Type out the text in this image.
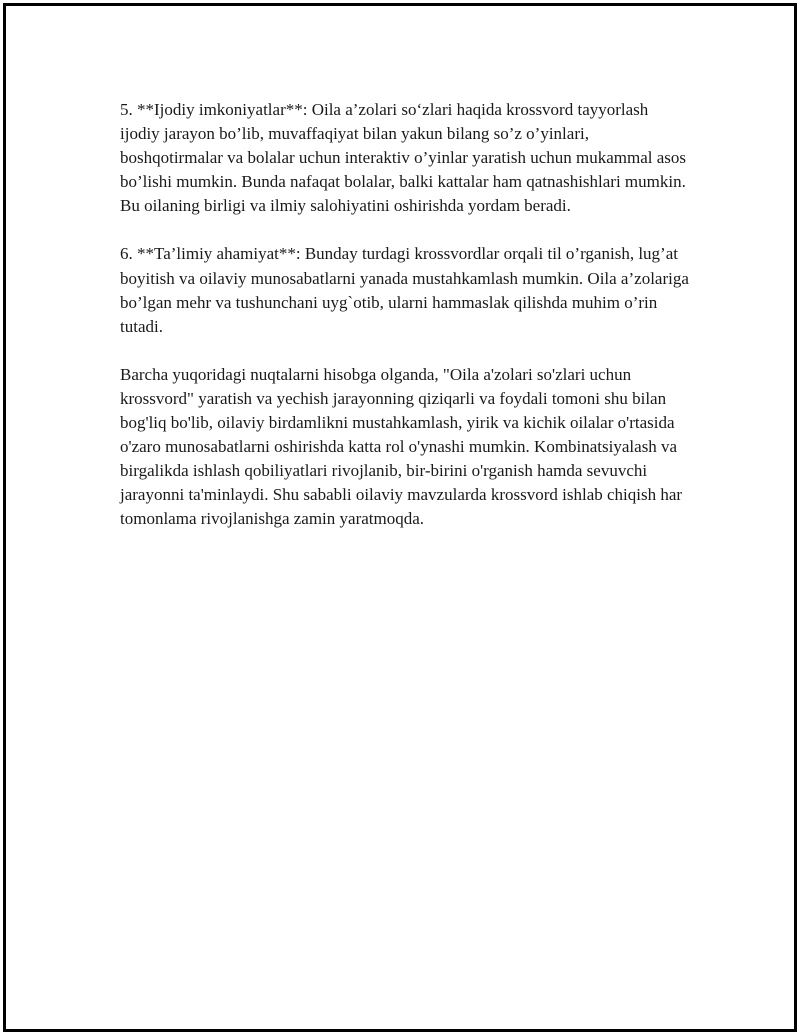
5. **Ijodiy imkoniyatlar**: Oila a’zolari so‘zlari haqida krossvord tayyorlash ijodiy jarayon bo’lib, muvaffaqiyat bilan yakun bilang so’z o’yinlari, boshqotirmalar va bolalar uchun interaktiv o’yinlar yaratish uchun mukammal asos bo’lishi mumkin. Bunda nafaqat bolalar, balki kattalar ham qatnashishlari mumkin. Bu oilaning birligi va ilmiy salohiyatini oshirishda yordam beradi.

6. **Ta’limiy ahamiyat**: Bunday turdagi krossvordlar orqali til o’rganish, lug’at boyitish va oilaviy munosabatlarni yanada mustahkamlash mumkin. Oila a’zolariga bo’lgan mehr va tushunchani uyg`otib, ularni hammaslak qilishda muhim o’rin tutadi.

Barcha yuqoridagi nuqtalarni hisobga olganda, "Oila a'zolari so'zlari uchun krossvord" yaratish va yechish jarayonning qiziqarli va foydali tomoni shu bilan bog'liq bo'lib, oilaviy birdamlikni mustahkamlash, yirik va kichik oilalar o'rtasida o'zaro munosabatlarni oshirishda katta rol o'ynashi mumkin. Kombinatsiyalash va birgalikda ishlash qobiliyatlari rivojlanib, bir-birini o'rganish hamda sevuvchi jarayonni ta'minlaydi. Shu sababli oilaviy mavzularda krossvord ishlab chiqish har tomonlama rivojlanishga zamin yaratmoqda.
